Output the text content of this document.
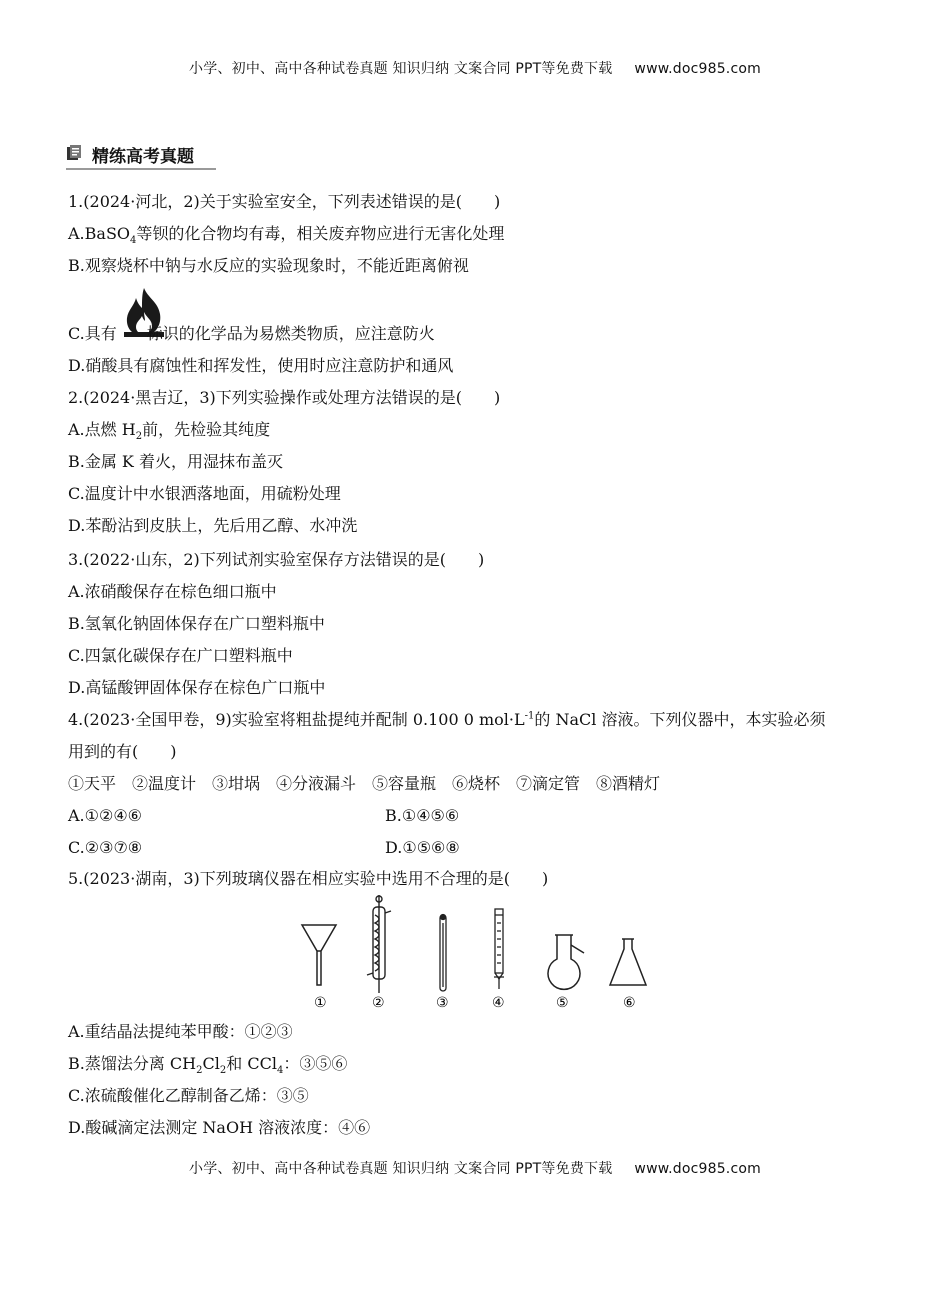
小学、初中、高中各种试卷真题 知识归纳 文案合同 PPT等免费下载 www.doc985.com
精练高考真题
1.(2024·河北，2)关于实验室安全，下列表述错误的是(　　)
A.BaSO$_4$等钡的化合物均有毒，相关废弃物应进行无害化处理
B.观察烧杯中钠与水反应的实验现象时，不能近距离俯视
C.具有 标识的化学品为易燃类物质，应注意防火
D.硝酸具有腐蚀性和挥发性，使用时应注意防护和通风
2.(2024·黑吉辽，3)下列实验操作或处理方法错误的是(　　)
A.点燃 $H_2$前，先检验其纯度
B.金属 K 着火，用湿抹布盖灭
C.温度计中水银洒落地面，用硫粉处理
D.苯酚沾到皮肤上，先后用乙醇、水冲洗
3.(2022·山东，2)下列试剂实验室保存方法错误的是(　　)
A.浓硝酸保存在棕色细口瓶中
B.氢氧化钠固体保存在广口塑料瓶中
C.四氯化碳保存在广口塑料瓶中
D.高锰酸钾固体保存在棕色广口瓶中
4.(2023·全国甲卷，9)实验室将粗盐提纯并配制 0.100 0 $mol\cdot L^{-1}$的 NaCl 溶液。下列仪器中，本实验必须
用到的有(　　)
①天平　②温度计　③坩埚　④分液漏斗　⑤容量瓶　⑥烧杯　⑦滴定管　⑧酒精灯
A.①②④⑥	B.①④⑤⑥
C.②③⑦⑧	D.①⑤⑥⑧
5.(2023·湖南，3)下列玻璃仪器在相应实验中选用不合理的是(　　)
①	②	③	④	⑤	⑥
A.重结晶法提纯苯甲酸：①②③
B.蒸馏法分离 $CH_2Cl_2$和 CCl$_4$：③⑤⑥
C.浓硫酸催化乙醇制备乙烯：③⑤
D.酸碱滴定法测定 NaOH 溶液浓度：④⑥
小学、初中、高中各种试卷真题 知识归纳 文案合同 PPT等免费下载 www.doc985.com
